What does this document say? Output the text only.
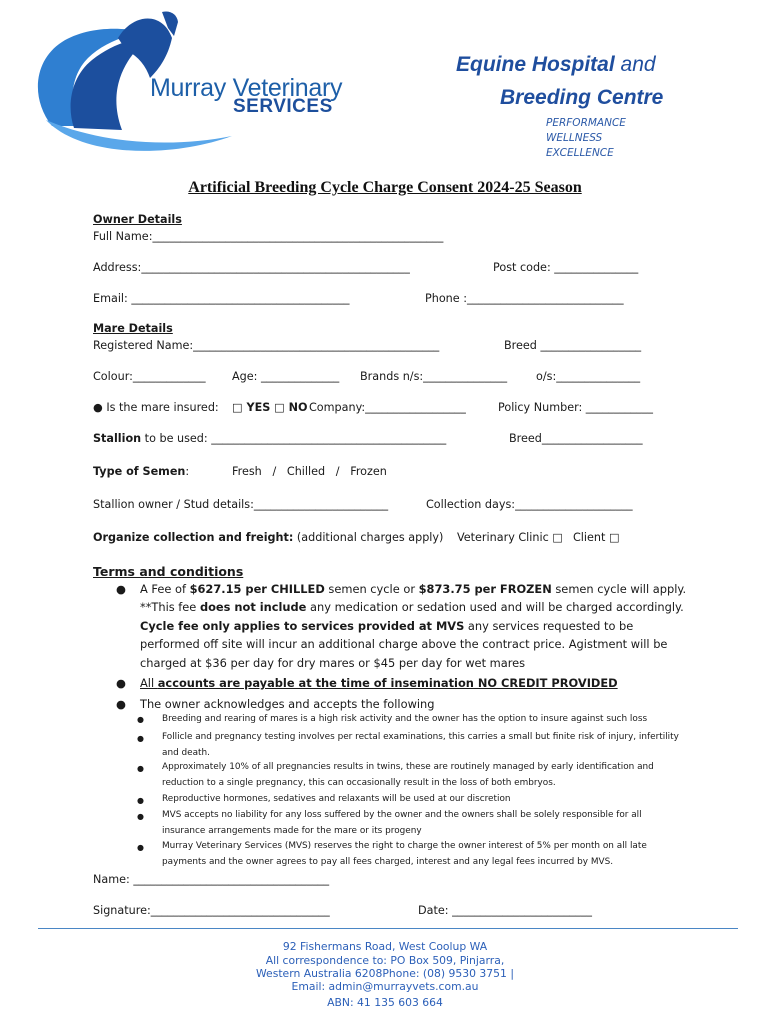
Murray Veterinary
SERVICES
Equine Hospital and
Breeding Centre
PERFORMANCE
WELLNESS
EXCELLENCE
Artificial Breeding Cycle Charge Consent 2024-25 Season
Owner Details
Full Name:____________________________________________________
Address:________________________________________________	Post code: _______________
Email: _______________________________________	Phone :____________________________
Mare Details
Registered Name:____________________________________________	Breed __________________
Colour:_____________ Age: ______________ Brands n/s:_______________	o/s:_______________
● Is the mare insured: □ YES □ NO Company:__________________	Policy Number: ____________
Stallion to be used: __________________________________________	Breed__________________
Type of Semen:	Fresh   /   Chilled   /   Frozen
Stallion owner / Stud details:________________________	Collection days:_____________________
Organize collection and freight: (additional charges apply) Veterinary Clinic □ Client □
Terms and conditions
● A Fee of $627.15 per CHILLED semen cycle or $873.75 per FROZEN semen cycle will apply. **This fee does not include any medication or sedation used and will be charged accordingly. Cycle fee only applies to services provided at MVS any services requested to be performed off site will incur an additional charge above the contract price. Agistment will be charged at $36 per day for dry mares or $45 per day for wet mares
● All accounts are payable at the time of insemination NO CREDIT PROVIDED
● The owner acknowledges and accepts the following
● Breeding and rearing of mares is a high risk activity and the owner has the option to insure against such loss
● Follicle and pregnancy testing involves per rectal examinations, this carries a small but finite risk of injury, infertility and death.
● Approximately 10% of all pregnancies results in twins, these are routinely managed by early identification and reduction to a single pregnancy, this can occasionally result in the loss of both embryos.
● Reproductive hormones, sedatives and relaxants will be used at our discretion
● MVS accepts no liability for any loss suffered by the owner and the owners shall be solely responsible for all insurance arrangements made for the mare or its progeny
● Murray Veterinary Services (MVS) reserves the right to charge the owner interest of 5% per month on all late payments and the owner agrees to pay all fees charged, interest and any legal fees incurred by MVS.
Name: ___________________________________
Signature:________________________________	Date: _________________________
92 Fishermans Road, West Coolup WA
All correspondence to: PO Box 509, Pinjarra,
Western Australia 6208Phone: (08) 9530 3751 |
Email: admin@murrayvets.com.au
ABN: 41 135 603 664
